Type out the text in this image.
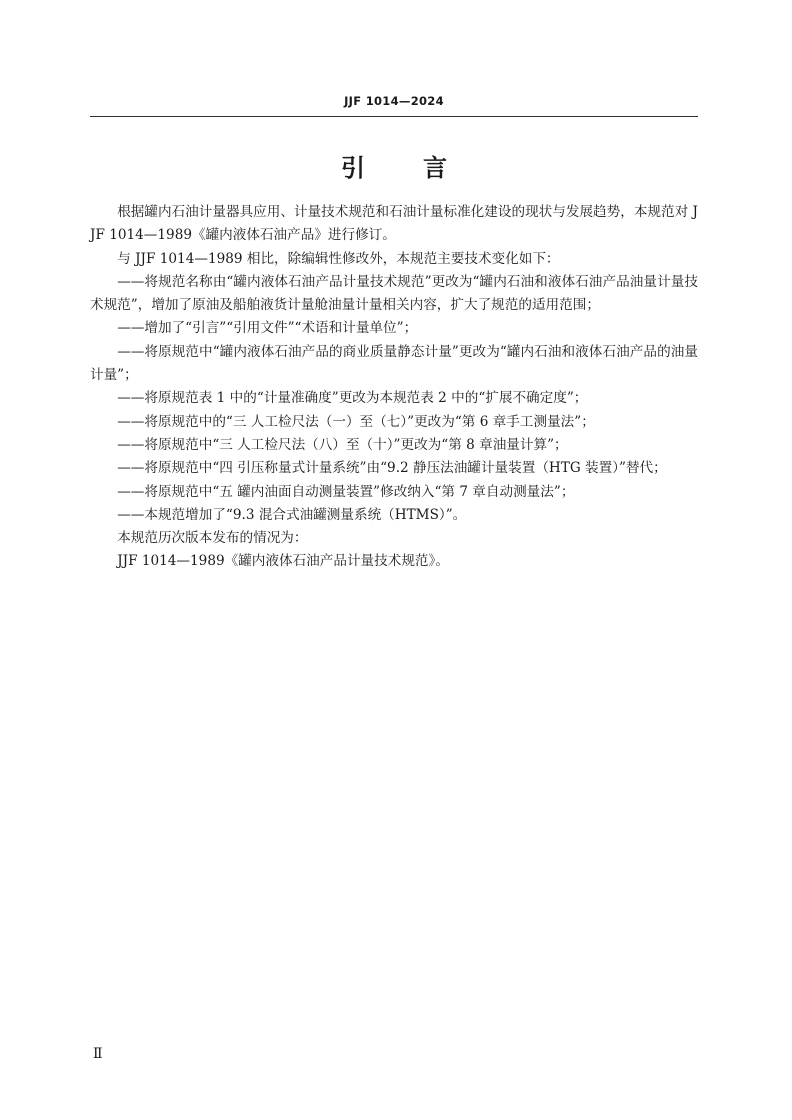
JJF 1014—2024
引言

根据罐内石油计量器具应用、计量技术规范和石油计量标准化建设的现状与发展趋势，本规范对 JJF 1014—1989《罐内液体石油产品》进行修订。

与 JJF 1014—1989 相比，除编辑性修改外，本规范主要技术变化如下：

——将规范名称由“罐内液体石油产品计量技术规范”更改为“罐内石油和液体石油产品油量计量技术规范”，增加了原油及船舶液货计量舱油量计量相关内容，扩大了规范的适用范围；

——增加了“引言”“引用文件”“术语和计量单位”；

——将原规范中“罐内液体石油产品的商业质量静态计量”更改为“罐内石油和液体石油产品的油量计量”；

——将原规范表 1 中的“计量准确度”更改为本规范表 2 中的“扩展不确定度”；

——将原规范中的“三 人工检尺法（一）至（七）”更改为“第 6 章手工测量法”；

——将原规范中“三 人工检尺法（八）至（十）”更改为“第 8 章油量计算”；

——将原规范中“四 引压称量式计量系统”由“9.2 静压法油罐计量装置（HTG 装置）”替代；

——将原规范中“五 罐内油面自动测量装置”修改纳入“第 7 章自动测量法”；

——本规范增加了“9.3 混合式油罐测量系统（HTMS）”。

本规范历次版本发布的情况为：

JJF 1014—1989《罐内液体石油产品计量技术规范》。

Ⅱ
